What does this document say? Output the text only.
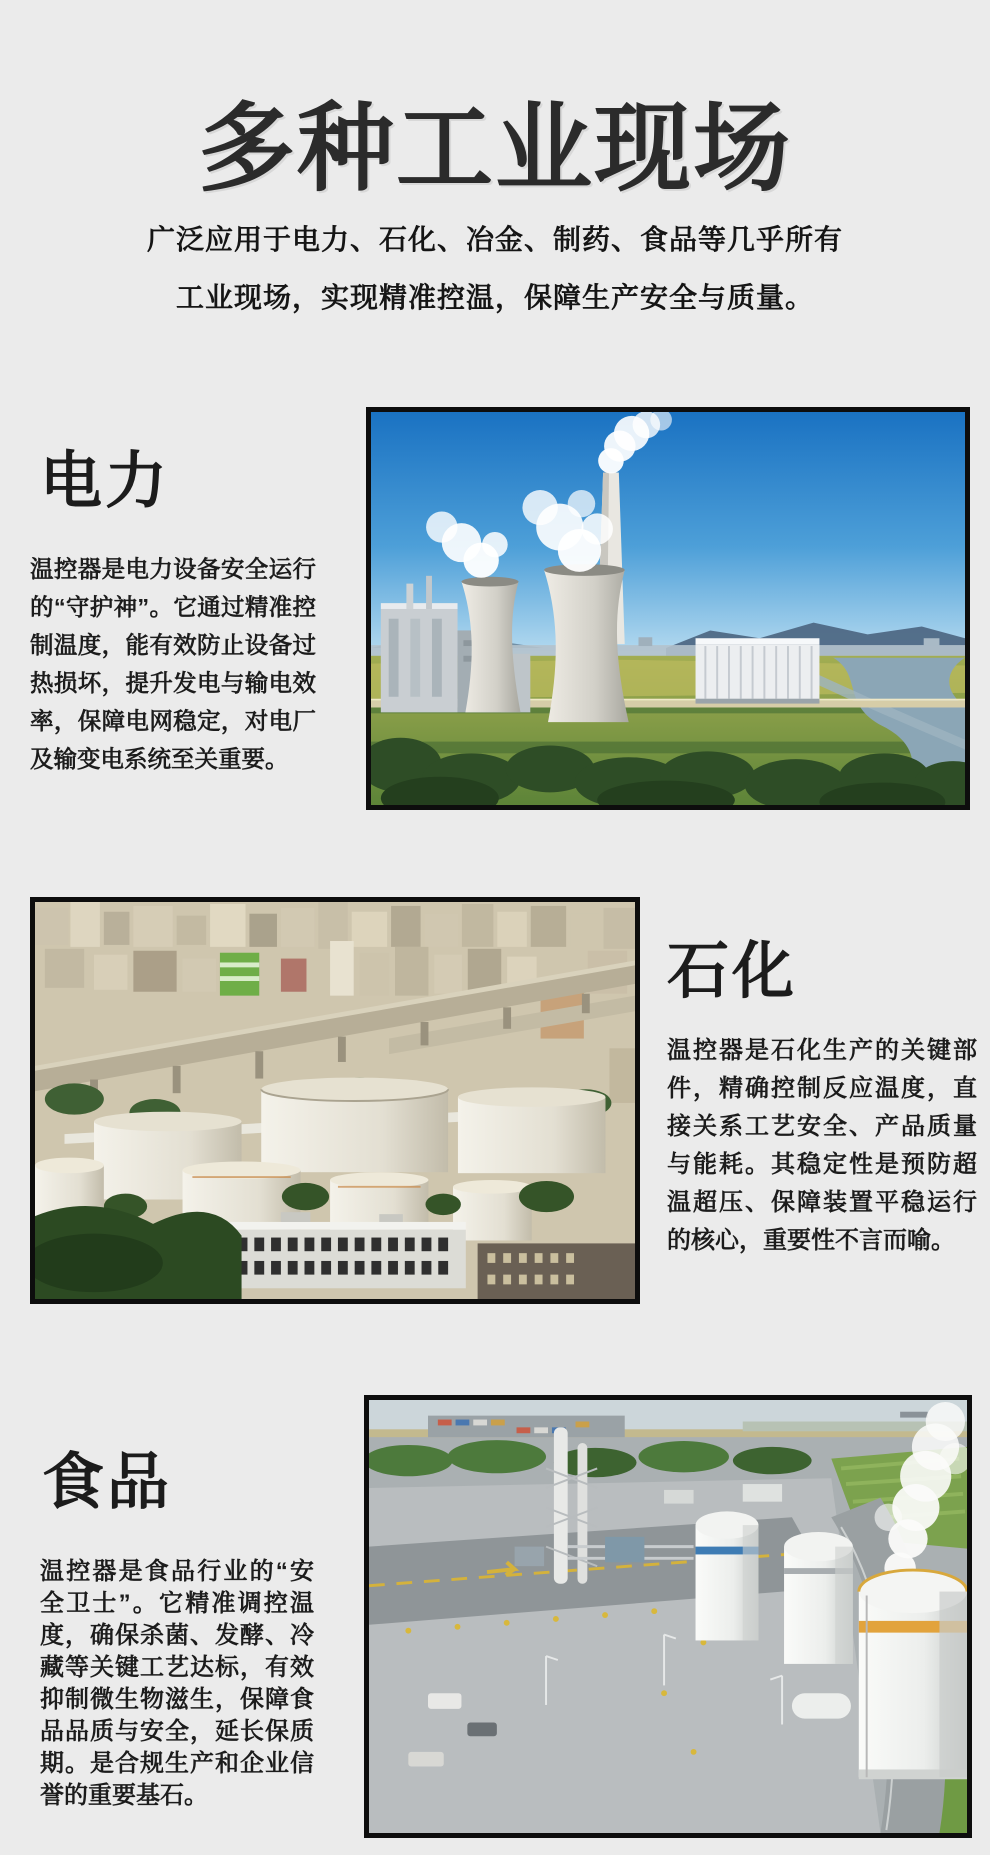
多种工业现场
广泛应用于电力、石化、冶金、制药、食品等几乎所有
工业现场，实现精准控温，保障生产安全与质量。
电力
温控器是电力设备安全运行的“守护神”。它通过精准控制温度，能有效防止设备过热损坏，提升发电与输电效率，保障电网稳定，对电厂及输变电系统至关重要。
石化
温控器是石化生产的关键部件，精确控制反应温度，直接关系工艺安全、产品质量与能耗。其稳定性是预防超温超压、保障装置平稳运行的核心，重要性不言而喻。
食品
温控器是食品行业的“安全卫士”。它精准调控温度，确保杀菌、发酵、冷藏等关键工艺达标，有效抑制微生物滋生，保障食品品质与安全，延长保质期。是合规生产和企业信誉的重要基石。
